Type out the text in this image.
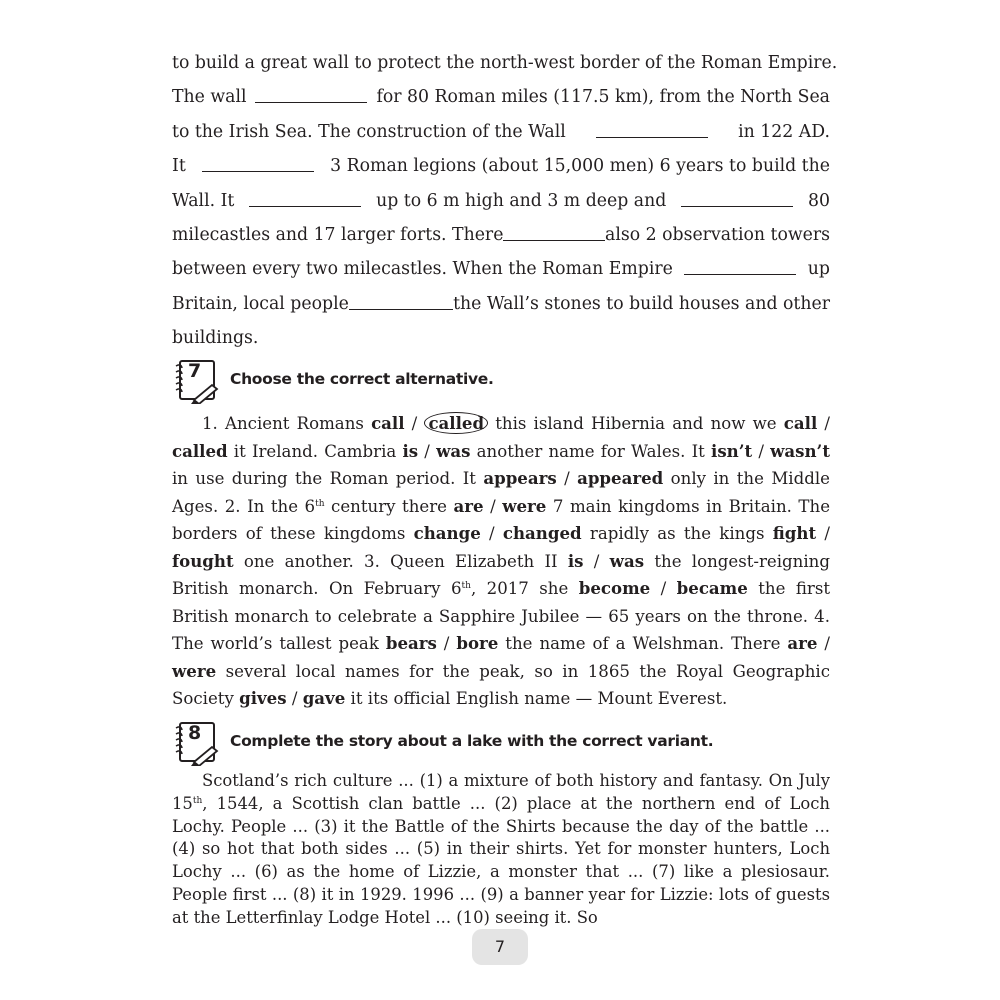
to build a great wall to protect the north-west border of the Roman Empire.
The wall	for 80 Roman miles (117.5 km), from the North Sea
to the Irish Sea. The construction of the Wall	in 122 AD.
It	3 Roman legions (about 15,000 men) 6 years to build the
Wall. It	up to 6 m high and 3 m deep and	80
milecastles and 17 larger forts. There	also 2 observation towers
between every two milecastles. When the Roman Empire	up
Britain, local people	the Wall’s stones to build houses and other
buildings.
7 Choose the correct alternative.
1. Ancient Romans call / called this island Hibernia and now we call / called it Ireland. Cambria is / was another name for Wales. It isn’t / wasn’t in use during the Roman period. It appears / appeared only in the Middle Ages. 2. In the 6th century there are / were 7 main kingdoms in Britain. The borders of these kingdoms change / changed rapidly as the kings fight / fought one another. 3. Queen Elizabeth II is / was the longest-reigning British monarch. On February 6th, 2017 she become / became the first British monarch to celebrate a Sapphire Jubilee — 65 years on the throne. 4. The world’s tallest peak bears / bore the name of a Welshman. There are / were several local names for the peak, so in 1865 the Royal Geographic Society gives / gave it its official English name — Mount Everest.
8 Complete the story about a lake with the correct variant.
Scotland’s rich culture ... (1) a mixture of both history and fantasy. On July 15th, 1544, a Scottish clan battle ... (2) place at the northern end of Loch Lochy. People ... (3) it the Battle of the Shirts because the day of the battle ... (4) so hot that both sides ... (5) in their shirts. Yet for monster hunters, Loch Lochy ... (6) as the home of Lizzie, a monster that ... (7) like a plesiosaur. People first ... (8) it in 1929. 1996 ... (9) a banner year for Lizzie: lots of guests at the Letterfinlay Lodge Hotel ... (10) seeing it. So
7
